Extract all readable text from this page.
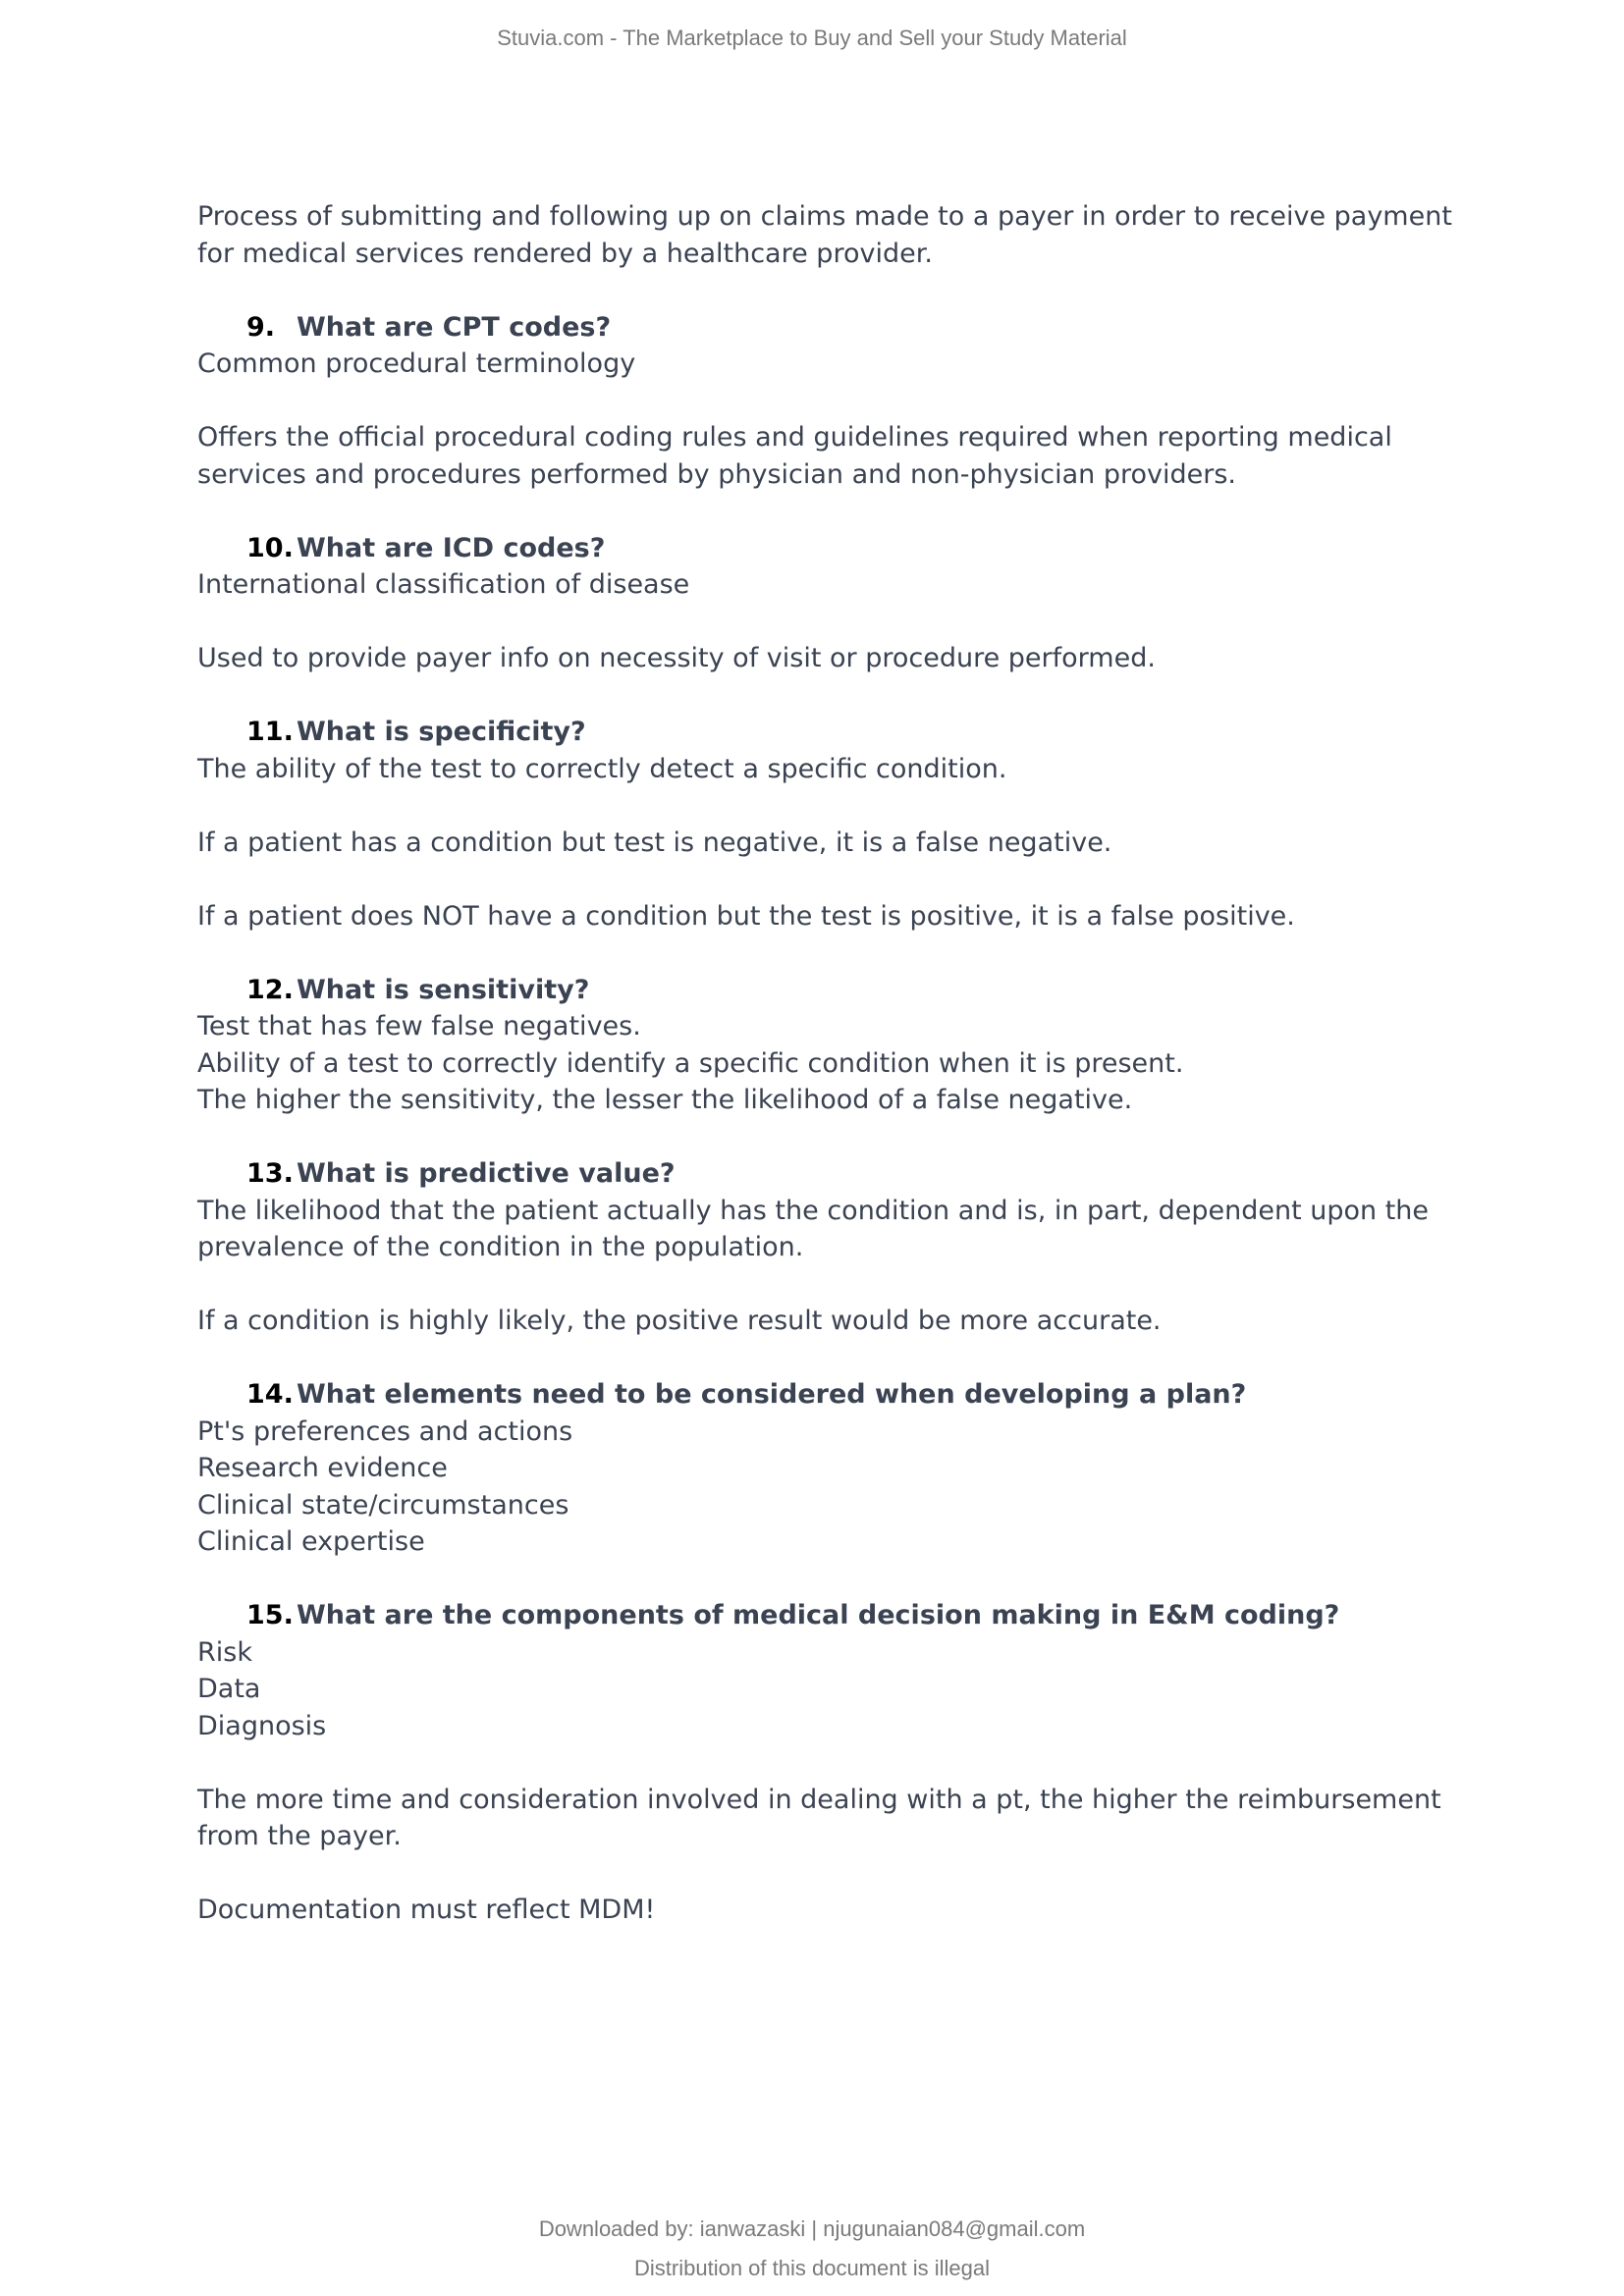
Stuvia.com - The Marketplace to Buy and Sell your Study Material

Process of submitting and following up on claims made to a payer in order to receive payment for medical services rendered by a healthcare provider.

9. What are CPT codes?

Common procedural terminology

Offers the official procedural coding rules and guidelines required when reporting medical services and procedures performed by physician and non-physician providers.

10. What are ICD codes?

International classification of disease

Used to provide payer info on necessity of visit or procedure performed.

11. What is specificity?

The ability of the test to correctly detect a specific condition.

If a patient has a condition but test is negative, it is a false negative.

If a patient does NOT have a condition but the test is positive, it is a false positive.

12. What is sensitivity?

Test that has few false negatives.

Ability of a test to correctly identify a specific condition when it is present.

The higher the sensitivity, the lesser the likelihood of a false negative.

13. What is predictive value?

The likelihood that the patient actually has the condition and is, in part, dependent upon the prevalence of the condition in the population.

If a condition is highly likely, the positive result would be more accurate.

14. What elements need to be considered when developing a plan?

Pt's preferences and actions

Research evidence

Clinical state/circumstances

Clinical expertise

15. What are the components of medical decision making in E&M coding?

Risk

Data

Diagnosis

The more time and consideration involved in dealing with a pt, the higher the reimbursement from the payer.

Documentation must reflect MDM!

Downloaded by: ianwazaski | njugunaian084@gmail.com
Distribution of this document is illegal
